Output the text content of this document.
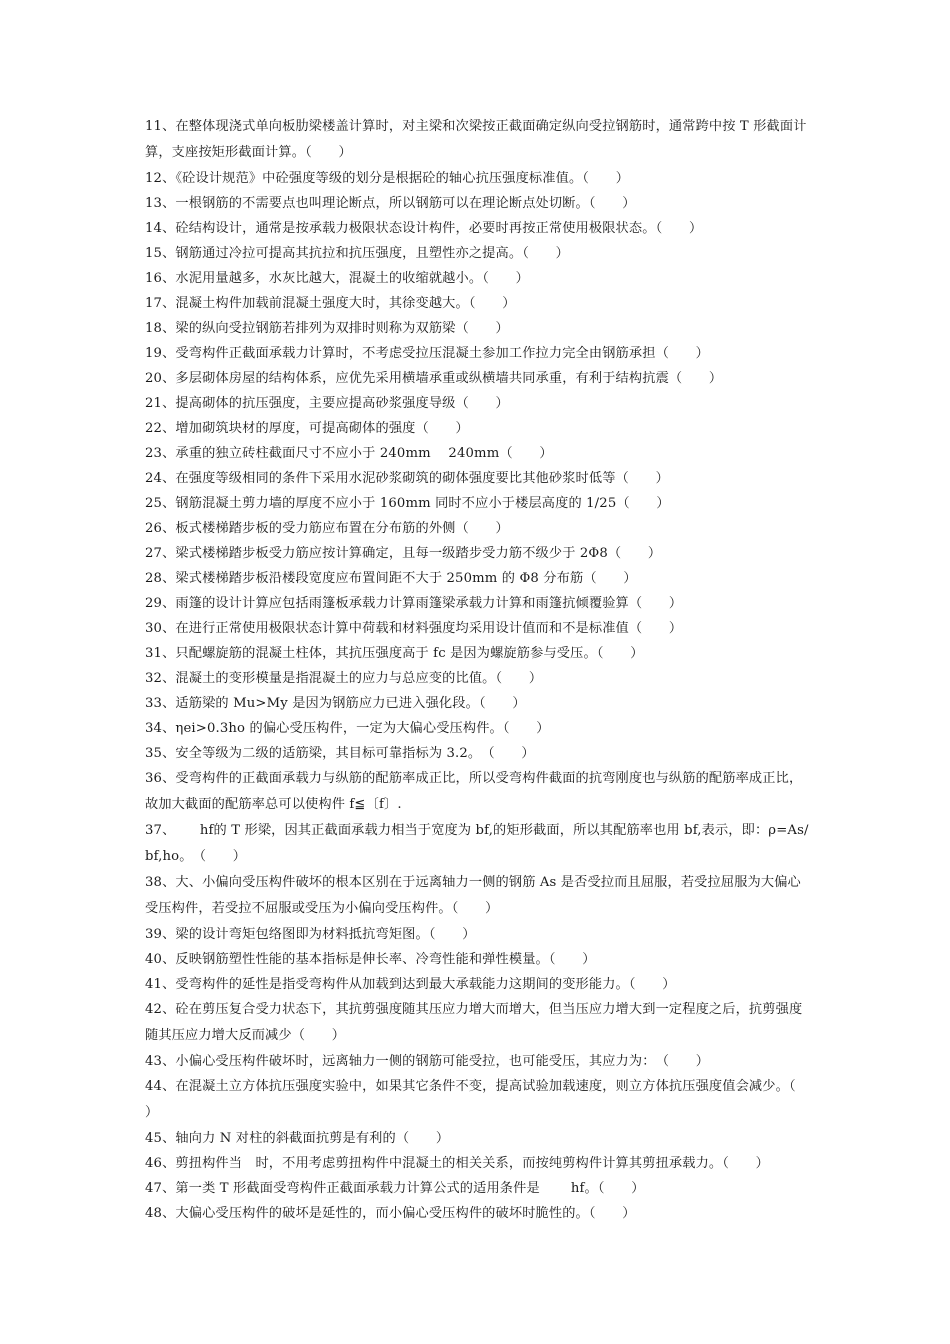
11、在整体现浇式单向板肋梁楼盖计算时，对主梁和次梁按正截面确定纵向受拉钢筋时，通常跨中按 T 形截面计算，支座按矩形截面计算。（　　）

12、《砼设计规范》中砼强度等级的划分是根据砼的轴心抗压强度标准值。（　　）

13、一根钢筋的不需要点也叫理论断点，所以钢筋可以在理论断点处切断。（　　）

14、砼结构设计，通常是按承载力极限状态设计构件，必要时再按正常使用极限状态。（　　）

15、钢筋通过冷拉可提高其抗拉和抗压强度，且塑性亦之提高。（　　）

16、水泥用量越多，水灰比越大，混凝土的收缩就越小。（　　）

17、混凝土构件加载前混凝土强度大时，其徐变越大。（　　）

18、梁的纵向受拉钢筋若排列为双排时则称为双筋梁（　　）

19、受弯构件正截面承载力计算时，不考虑受拉压混凝土参加工作拉力完全由钢筋承担（　　）

20、多层砌体房屋的结构体系，应优先采用横墙承重或纵横墙共同承重，有利于结构抗震（　　）

21、提高砌体的抗压强度，主要应提高砂浆强度导级（　　）

22、增加砌筑块材的厚度，可提高砌体的强度（　　）

23、承重的独立砖柱截面尺寸不应小于 240mm　 240mm（　　）

24、在强度等级相同的条件下采用水泥砂浆砌筑的砌体强度要比其他砂浆时低等（　　）

25、钢筋混凝土剪力墙的厚度不应小于 160mm 同时不应小于楼层高度的 1/25（　　）

26、板式楼梯踏步板的受力筋应布置在分布筋的外侧（　　）

27、梁式楼梯踏步板受力筋应按计算确定，且每一级踏步受力筋不级少于 2Φ8（　　）

28、梁式楼梯踏步板沿楼段宽度应布置间距不大于 250mm 的 Φ8 分布筋（　　）

29、雨篷的设计计算应包括雨篷板承载力计算雨篷梁承载力计算和雨篷抗倾覆验算（　　）

30、在进行正常使用极限状态计算中荷载和材料强度均采用设计值而和不是标准值（　　）

31、只配螺旋筋的混凝土柱体，其抗压强度高于 fc 是因为螺旋筋参与受压。（　　）

32、混凝土的变形模量是指混凝土的应力与总应变的比值。（　　）

33、适筋梁的 Mu>My 是因为钢筋应力已进入强化段。（　　）

34、ηei>0.3ho 的偏心受压构件，一定为大偏心受压构件。（　　）

35、安全等级为二级的适筋梁，其目标可靠指标为 3.2。　（　　）

36、受弯构件的正截面承载力与纵筋的配筋率成正比，所以受弯构件截面的抗弯刚度也与纵筋的配筋率成正比，故加大截面的配筋率总可以使构件 f≦〔f〕.

37、　　 hf的 T 形梁，因其正截面承载力相当于宽度为 bf,的矩形截面，所以其配筋率也用 bf,表示，即：ρ=As/ bf,ho。　（　　）

38、大、小偏向受压构件破坏的根本区别在于远离轴力一侧的钢筋 As 是否受拉而且屈服，若受拉屈服为大偏心受压构件，若受拉不屈服或受压为小偏向受压构件。（　　）

39、梁的设计弯矩包络图即为材料抵抗弯矩图。（　　）

40、反映钢筋塑性性能的基本指标是伸长率、冷弯性能和弹性模量。（　　）

41、受弯构件的延性是指受弯构件从加载到达到最大承载能力这期间的变形能力。（　　）

42、砼在剪压复合受力状态下，其抗剪强度随其压应力增大而增大，但当压应力增大到一定程度之后，抗剪强度随其压应力增大反而减少（　　）

43、小偏心受压构件破坏时，远离轴力一侧的钢筋可能受拉，也可能受压，其应力为：　（　　）

44、在混凝土立方体抗压强度实验中，如果其它条件不变，提高试验加载速度，则立方体抗压强度值会减少。（　　）

45、轴向力 N 对柱的斜截面抗剪是有利的（　　）

46、剪扭构件当　时，不用考虑剪扭构件中混凝土的相关关系，而按纯剪构件计算其剪扭承载力。（　　）

47、第一类 T 形截面受弯构件正截面承载力计算公式的适用条件是　　 hf。（　　）

48、大偏心受压构件的破坏是延性的，而小偏心受压构件的破坏时脆性的。（　　）
